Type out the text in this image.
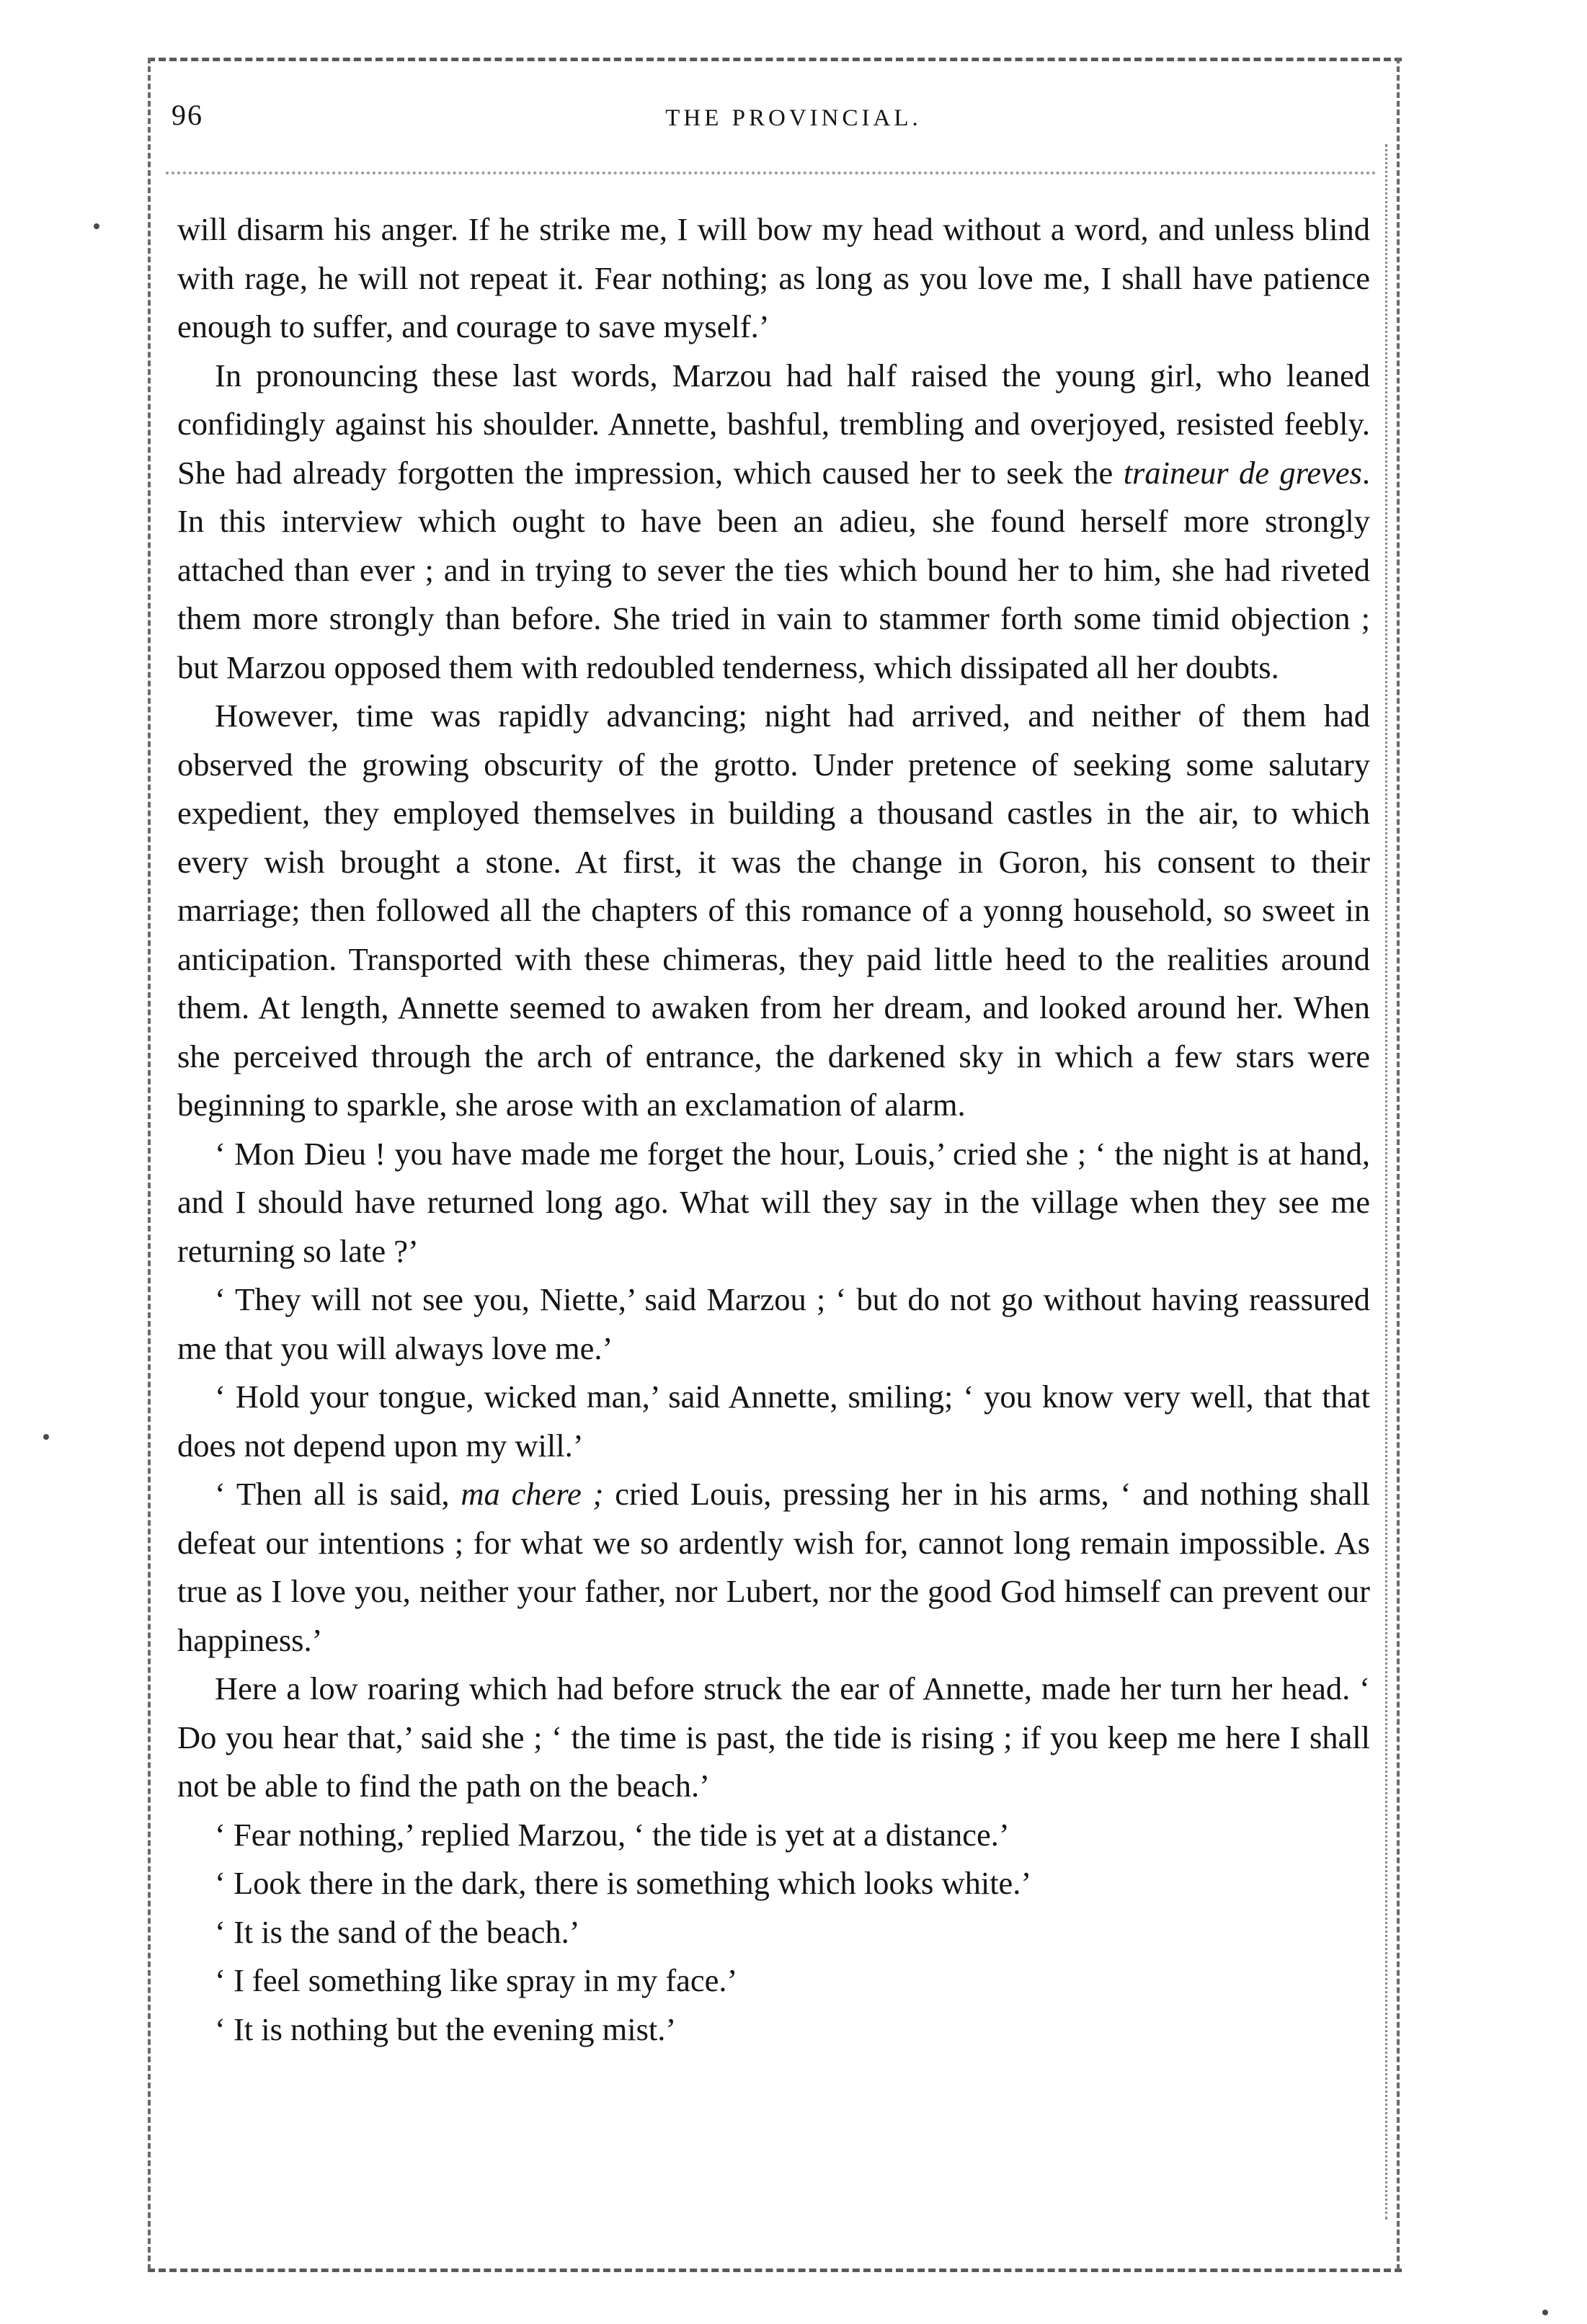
96	THE PROVINCIAL.

will disarm his anger. If he strike me, I will bow my head without a word, and unless blind with rage, he will not repeat it. Fear nothing; as long as you love me, I shall have patience enough to suffer, and courage to save myself.’

In pronouncing these last words, Marzou had half raised the young girl, who leaned confidingly against his shoulder. Annette, bashful, trembling and overjoyed, resisted feebly. She had already forgotten the impression, which caused her to seek the traineur de greves. In this interview which ought to have been an adieu, she found herself more strongly attached than ever ; and in trying to sever the ties which bound her to him, she had riveted them more strongly than before. She tried in vain to stammer forth some timid objection ; but Marzou opposed them with redoubled tenderness, which dissipated all her doubts.

However, time was rapidly advancing; night had arrived, and neither of them had observed the growing obscurity of the grotto. Under pretence of seeking some salutary expedient, they employed themselves in building a thousand castles in the air, to which every wish brought a stone. At first, it was the change in Goron, his consent to their marriage; then followed all the chapters of this romance of a yonng household, so sweet in anticipation. Transported with these chimeras, they paid little heed to the realities around them. At length, Annette seemed to awaken from her dream, and looked around her. When she perceived through the arch of entrance, the darkened sky in which a few stars were beginning to sparkle, she arose with an exclamation of alarm.

‘ Mon Dieu ! you have made me forget the hour, Louis,’ cried she ; ‘ the night is at hand, and I should have returned long ago. What will they say in the village when they see me returning so late ?’

‘ They will not see you, Niette,’ said Marzou ; ‘ but do not go without having reassured me that you will always love me.’

‘ Hold your tongue, wicked man,’ said Annette, smiling; ‘ you know very well, that that does not depend upon my will.’

‘ Then all is said, ma chere ; cried Louis, pressing her in his arms, ‘ and nothing shall defeat our intentions ; for what we so ardently wish for, cannot long remain impossible. As true as I love you, neither your father, nor Lubert, nor the good God himself can prevent our happiness.’

Here a low roaring which had before struck the ear of Annette, made her turn her head. ‘ Do you hear that,’ said she ; ‘ the time is past, the tide is rising ; if you keep me here I shall not be able to find the path on the beach.’

‘ Fear nothing,’ replied Marzou, ‘ the tide is yet at a distance.’

‘ Look there in the dark, there is something which looks white.’

‘ It is the sand of the beach.’

‘ I feel something like spray in my face.’

‘ It is nothing but the evening mist.’
